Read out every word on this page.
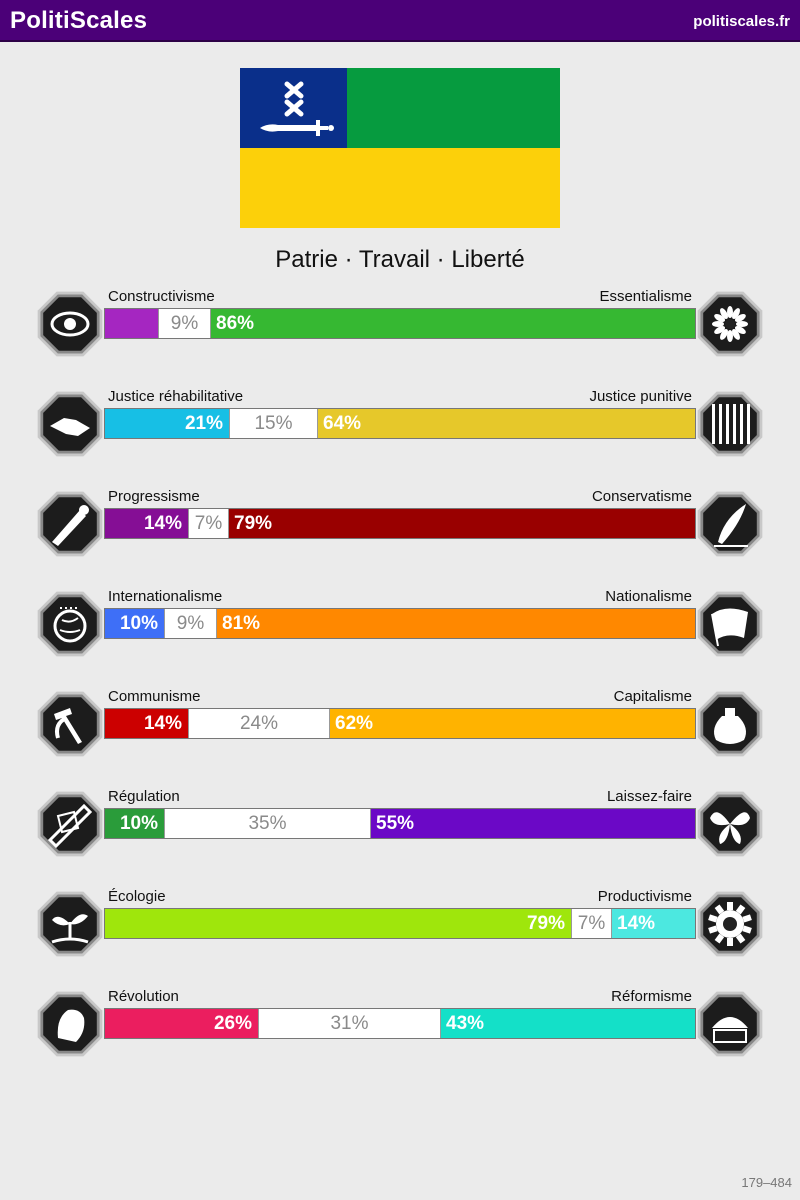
PolitiScales	politiscales.fr
Patrie · Travail · Liberté
Constructivisme	Essentialisme
9% 86%
Justice réhabilitative	Justice punitive
21%	15%	64%
Progressisme	Conservatisme
14% 7% 79%
Internationalisme	Nationalisme
10% 9% 81%
Communisme	Capitalisme
14%	24%	62%
Régulation	Laissez-faire
10%	35%	55%
Écologie	Productivisme
79% 7% 14%
Révolution	Réformisme
26%	31%	43%
179–484
